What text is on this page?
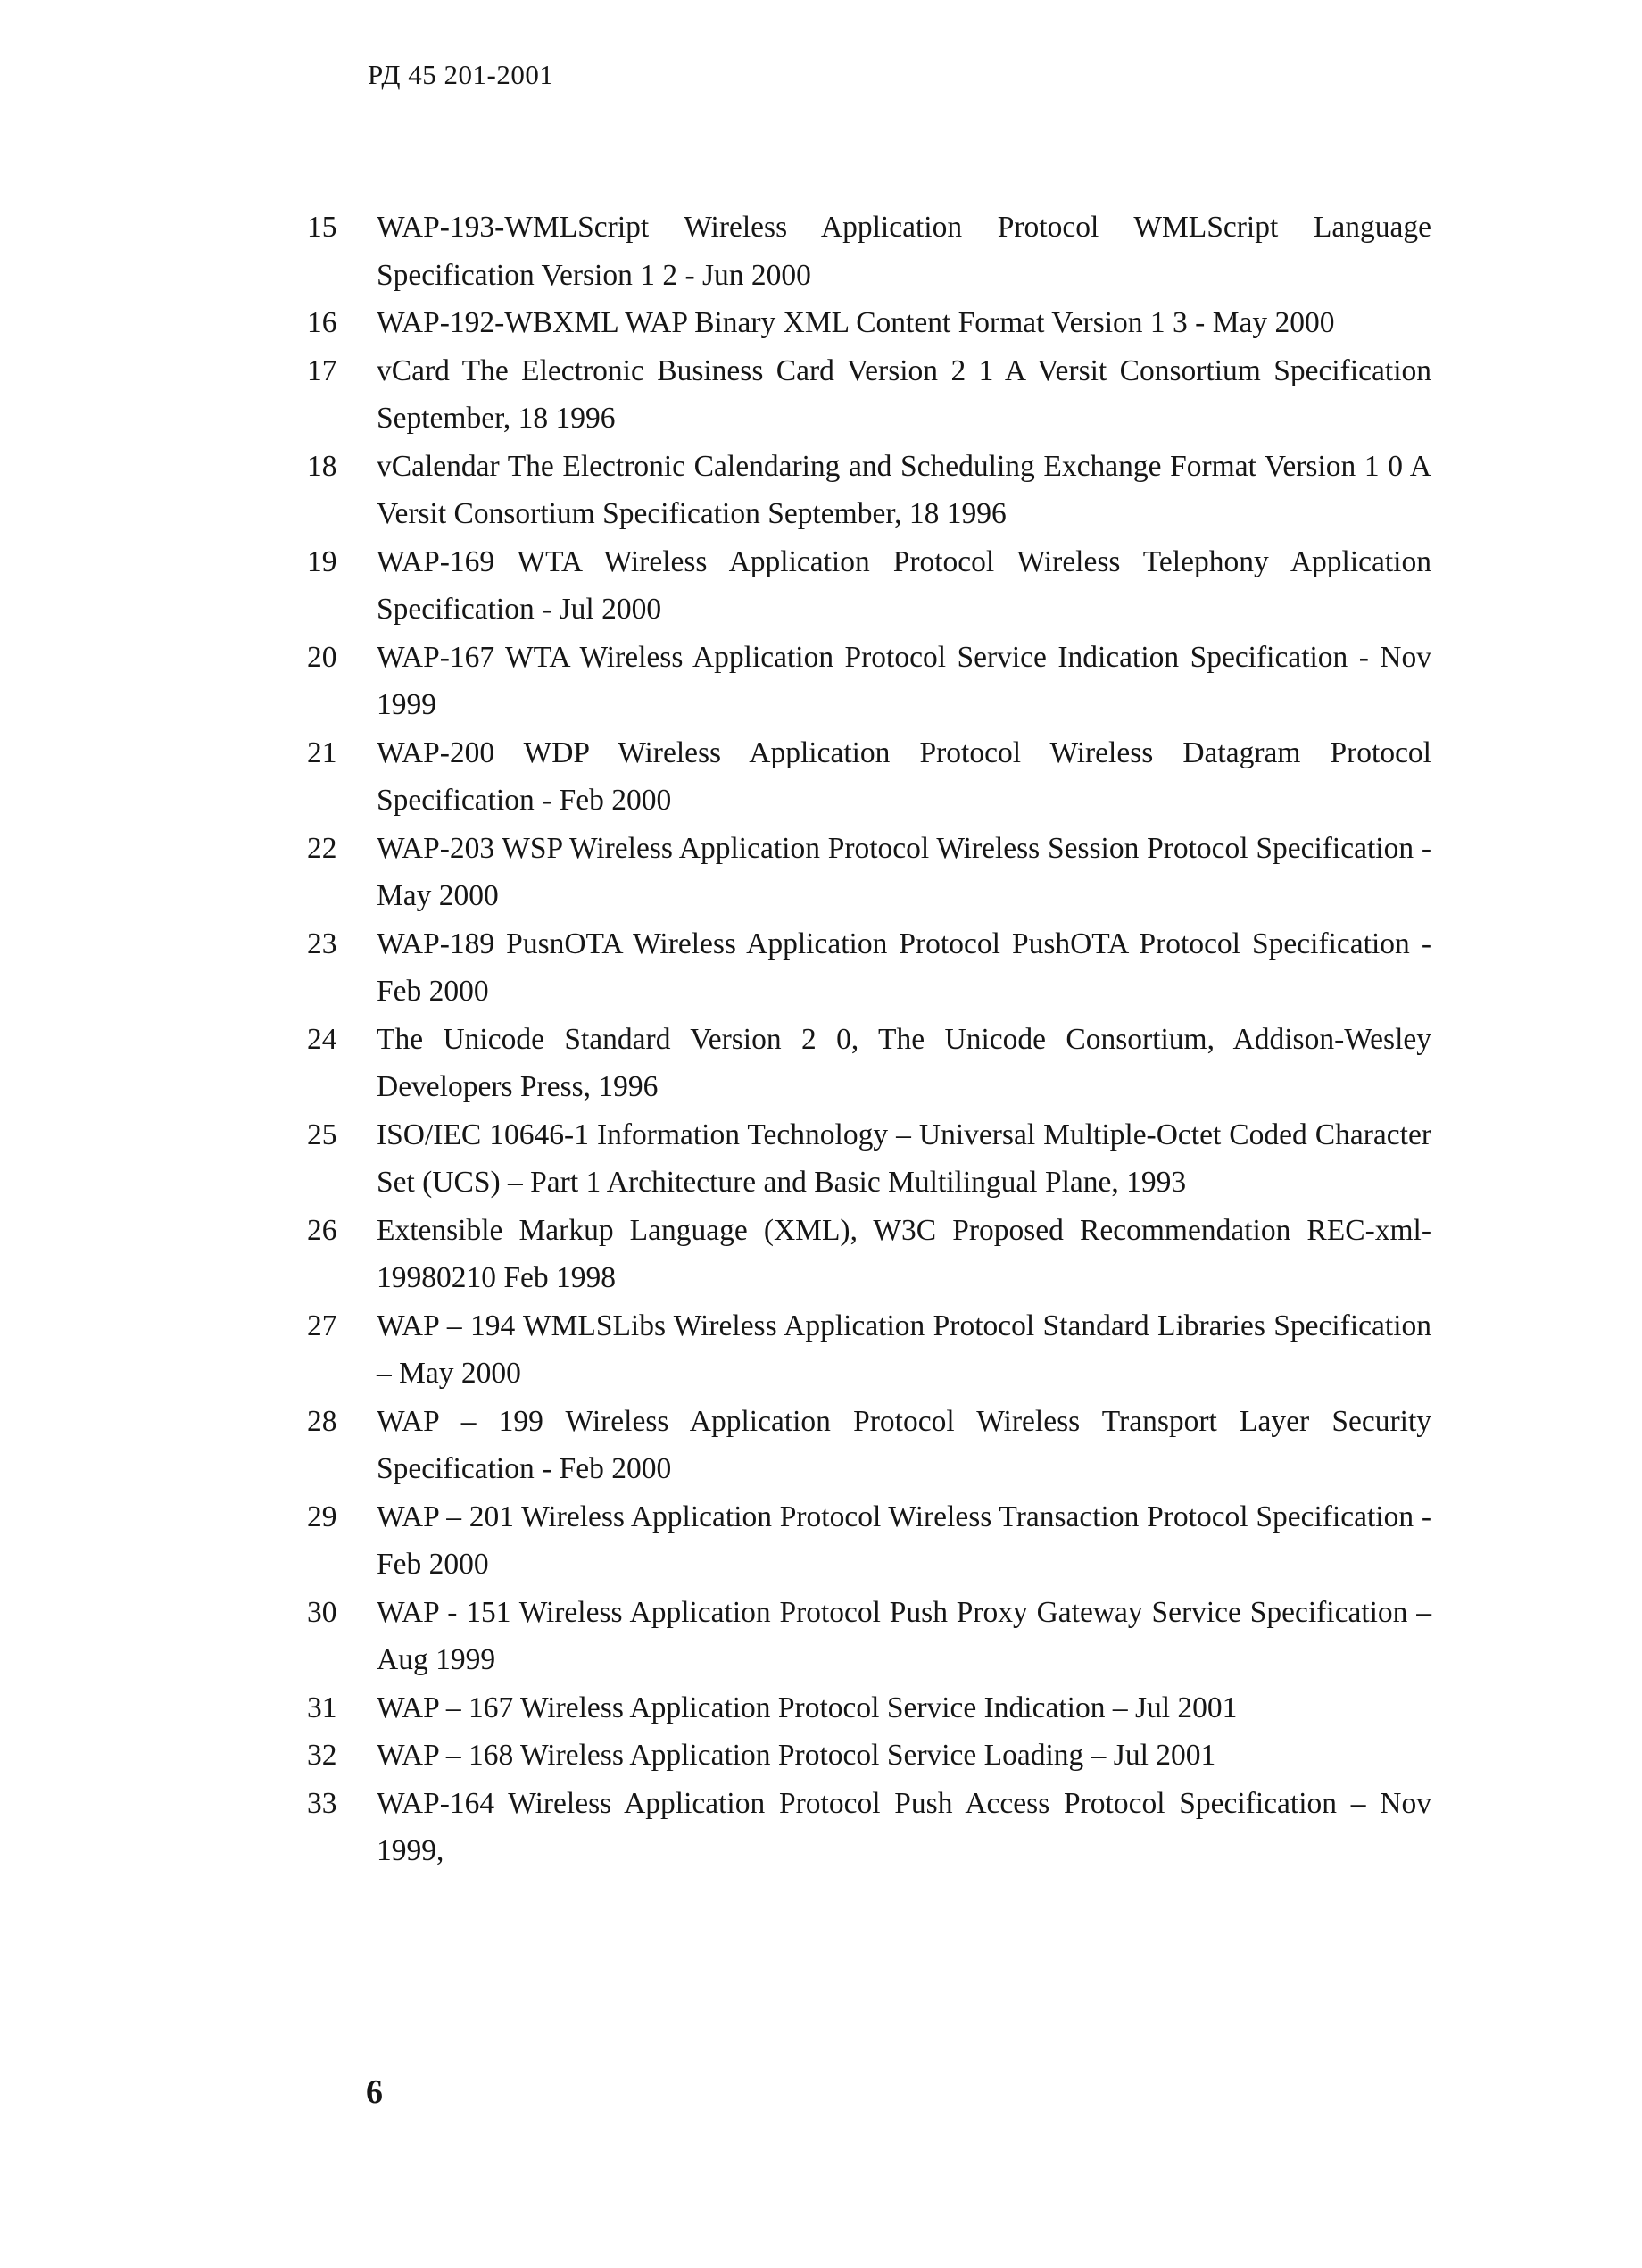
РД 45 201-2001
15	WAP-193-WMLScript Wireless Application Protocol WMLScript Language Specification Version 1 2 - Jun 2000
16	WAP-192-WBXML WAP Binary XML Content Format Version 1 3 - May 2000
17	vCard The Electronic Business Card Version 2 1 A Versit Consortium Specification September, 18 1996
18	vCalendar The Electronic Calendaring and Scheduling Exchange Format Version 1 0 A Versit Consortium Specification September, 18 1996
19	WAP-169 WTA Wireless Application Protocol Wireless Telephony Application Specification - Jul 2000
20	WAP-167 WTA Wireless Application Protocol Service Indication Specification - Nov 1999
21	WAP-200 WDP Wireless Application Protocol Wireless Datagram Protocol Specification - Feb 2000
22	WAP-203 WSP Wireless Application Protocol Wireless Session Protocol Specification - May 2000
23	WAP-189 PusnOTA Wireless Application Protocol PushOTA Protocol Specification - Feb 2000
24	The Unicode Standard Version 2 0, The Unicode Consortium, Addison-Wesley Developers Press, 1996
25	ISO/IEC 10646-1 Information Technology – Universal Multiple-Octet Coded Character Set (UCS) – Part 1 Architecture and Basic Multilingual Plane, 1993
26	Extensible Markup Language (XML), W3C Proposed Recommendation REC-xml-19980210 Feb 1998
27	WAP – 194 WMLSLibs Wireless Application Protocol Standard Libraries Specification – May 2000
28	WAP – 199 Wireless Application Protocol Wireless Transport Layer Security Specification - Feb 2000
29	WAP – 201 Wireless Application Protocol Wireless Transaction Protocol Specification - Feb 2000
30	WAP - 151 Wireless Application Protocol Push Proxy Gateway Service Specification – Aug 1999
31	WAP – 167 Wireless Application Protocol Service Indication – Jul 2001
32	WAP – 168 Wireless Application Protocol Service Loading – Jul 2001
33	WAP-164 Wireless Application Protocol Push Access Protocol Specification – Nov 1999,
6
